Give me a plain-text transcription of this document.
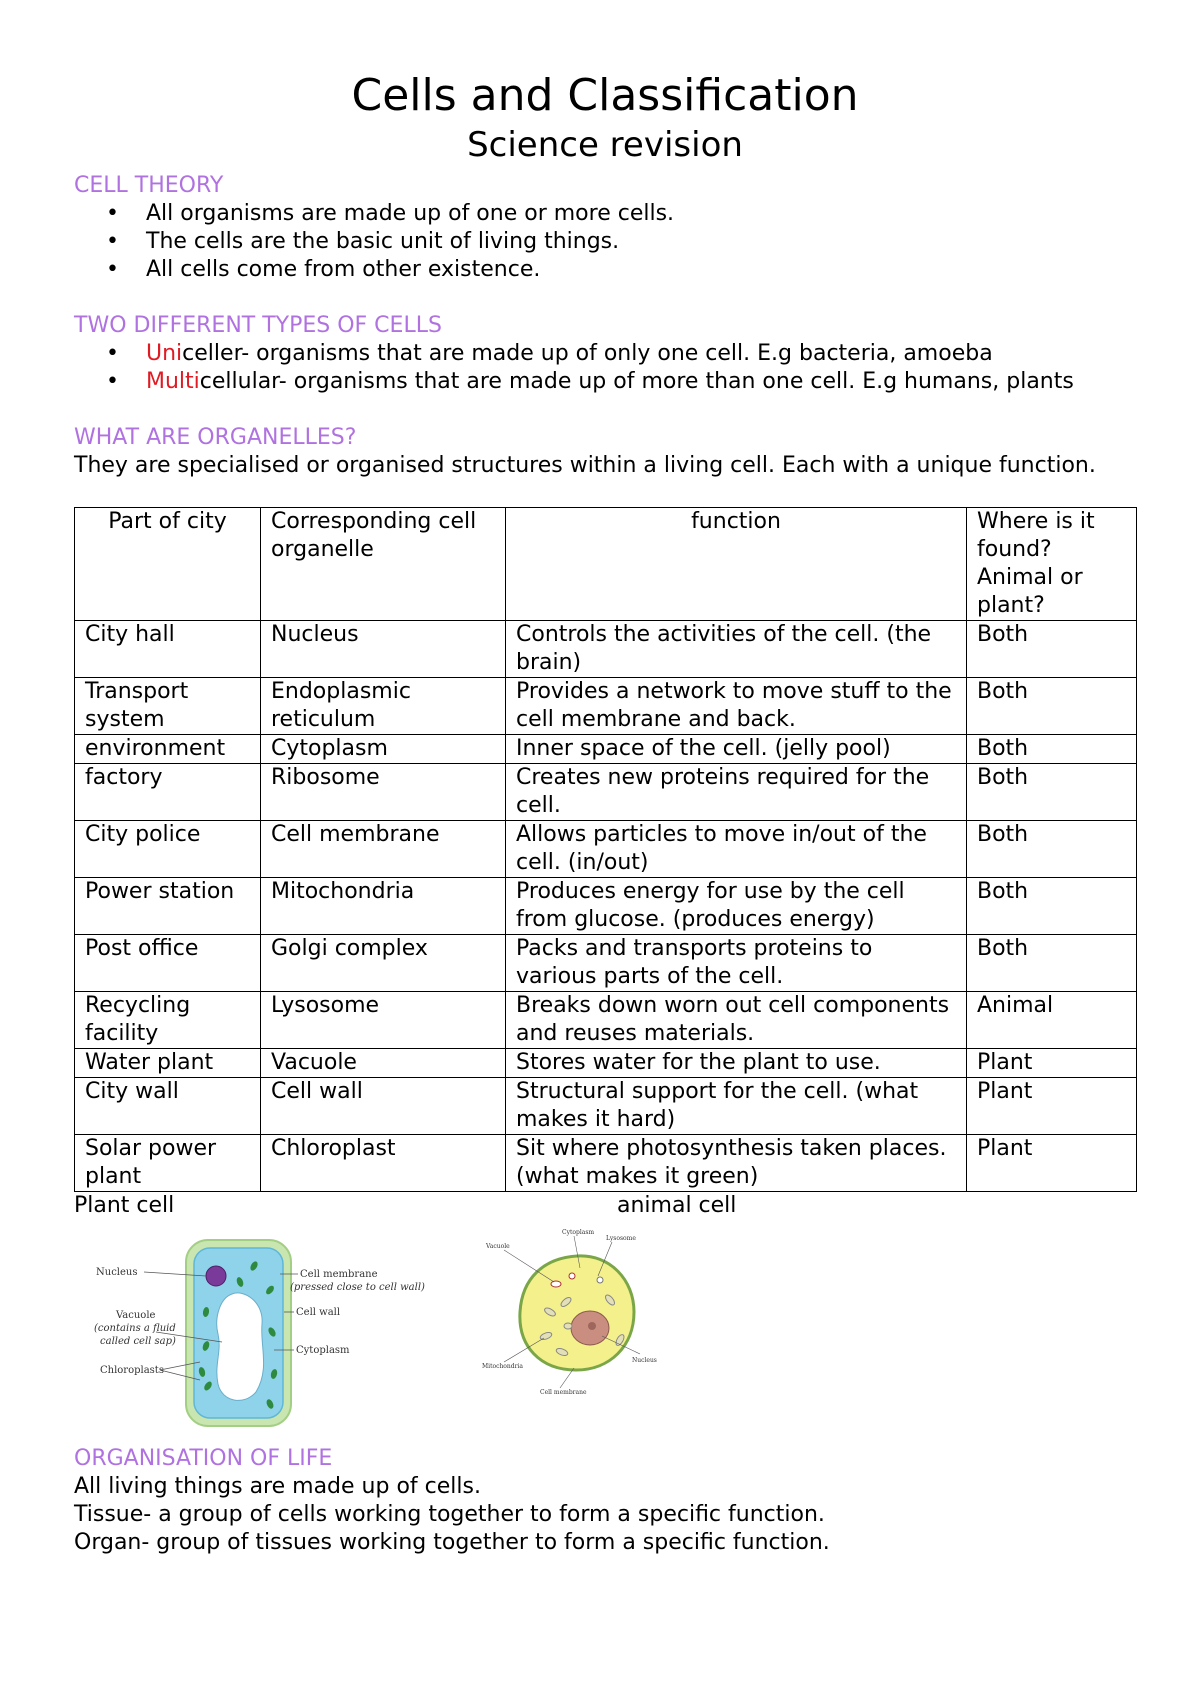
Cells and Classification
Science revision
CELL THEORY
• All organisms are made up of one or more cells.
• The cells are the basic unit of living things.
• All cells come from other existence.
TWO DIFFERENT TYPES OF CELLS
• Uniceller- organisms that are made up of only one cell. E.g bacteria, amoeba
• Multicellular- organisms that are made up of more than one cell. E.g humans, plants
WHAT ARE ORGANELLES?

They are specialised or organised structures within a living cell. Each with a unique function.

Part of city	Corresponding cell organelle	function	Where is it found? Animal or plant?
City hall	Nucleus	Controls the activities of the cell. (the brain)	Both
Transport system	Endoplasmic reticulum	Provides a network to move stuff to the cell membrane and back.	Both
environment	Cytoplasm	Inner space of the cell. (jelly pool)	Both
factory	Ribosome	Creates new proteins required for the cell.	Both
City police	Cell membrane	Allows particles to move in/out of the cell. (in/out)	Both
Power station	Mitochondria	Produces energy for use by the cell from glucose. (produces energy)	Both
Post office	Golgi complex	Packs and transports proteins to various parts of the cell.	Both
Recycling facility	Lysosome	Breaks down worn out cell components and reuses materials.	Animal
Water plant	Vacuole	Stores water for the plant to use.	Plant
City wall	Cell wall	Structural support for the cell. (what makes it hard)	Plant
Solar power plant	Chloroplast	Sit where photosynthesis taken places. (what makes it green)	Plant
Plant cell	animal cell
Nucleus	Cell membrane
(pressed close to cell wall)
Vacuole
(contains a fluid
called cell sap)
Cell wall
Cytoplasm
Chloroplasts
Vacuole
Cytoplasm
Lysosome
Mitochondria
Nucleus
Cell membrane
ORGANISATION OF LIFE

All living things are made up of cells.

Tissue- a group of cells working together to form a specific function.

Organ- group of tissues working together to form a specific function.
